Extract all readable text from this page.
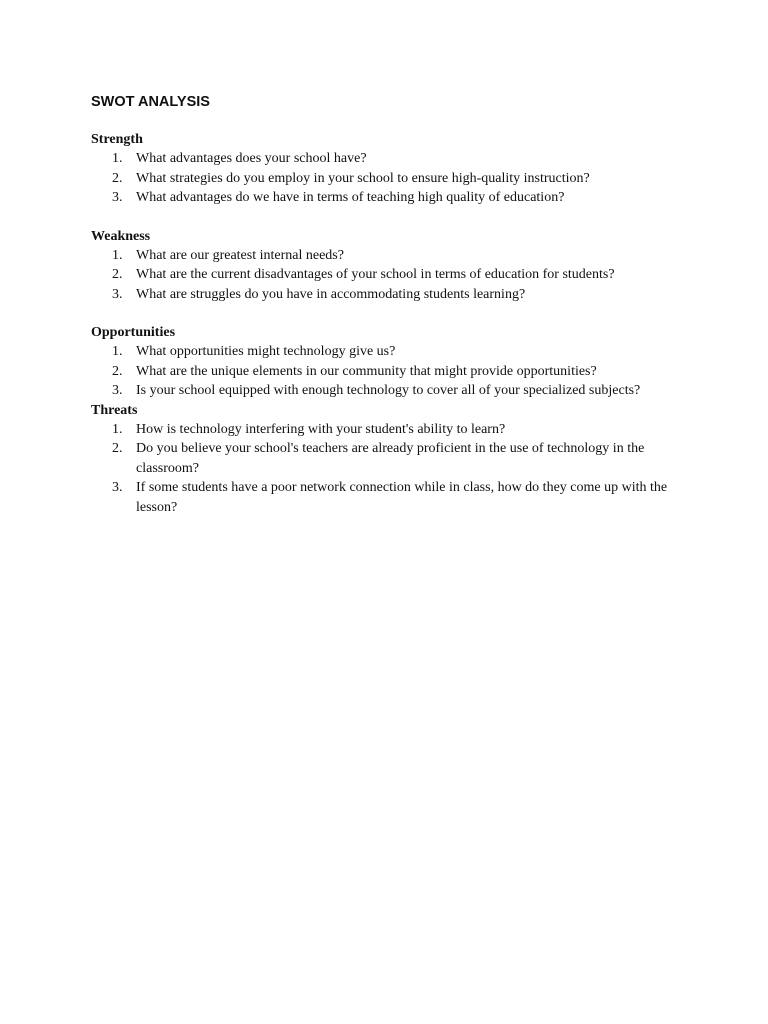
SWOT ANALYSIS
Strength
1. What advantages does your school have?
2. What strategies do you employ in your school to ensure high-quality instruction?
3. What advantages do we have in terms of teaching high quality of education?
Weakness
1. What are our greatest internal needs?
2. What are the current disadvantages of your school in terms of education for students?
3. What are struggles do you have in accommodating students learning?
Opportunities
1. What opportunities might technology give us?
2. What are the unique elements in our community that might provide opportunities?
3. Is your school equipped with enough technology to cover all of your specialized subjects?
Threats
1. How is technology interfering with your student's ability to learn?
2. Do you believe your school's teachers are already proficient in the use of technology in the classroom?
3. If some students have a poor network connection while in class, how do they come up with the lesson?
